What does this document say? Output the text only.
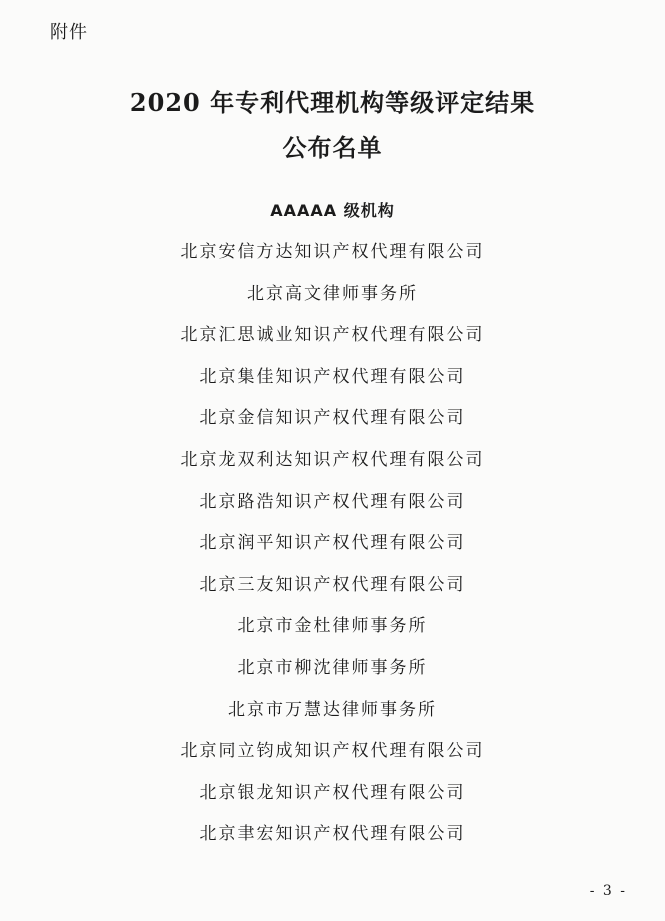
附件
2020 年专利代理机构等级评定结果
公布名单
AAAAA 级机构
北京安信方达知识产权代理有限公司
北京高文律师事务所
北京汇思诚业知识产权代理有限公司
北京集佳知识产权代理有限公司
北京金信知识产权代理有限公司
北京龙双利达知识产权代理有限公司
北京路浩知识产权代理有限公司
北京润平知识产权代理有限公司
北京三友知识产权代理有限公司
北京市金杜律师事务所
北京市柳沈律师事务所
北京市万慧达律师事务所
北京同立钧成知识产权代理有限公司
北京银龙知识产权代理有限公司
北京聿宏知识产权代理有限公司
- 3 -
